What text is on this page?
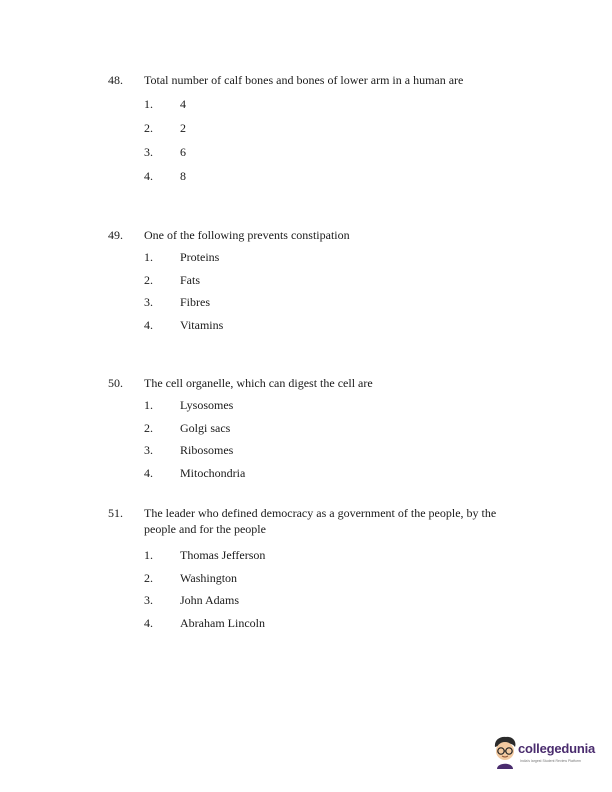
48. Total number of calf bones and bones of lower arm in a human are
1. 4
2. 2
3. 6
4. 8
49. One of the following prevents constipation
1. Proteins
2. Fats
3. Fibres
4. Vitamins
50. The cell organelle, which can digest the cell are
1. Lysosomes
2. Golgi sacs
3. Ribosomes
4. Mitochondria
51. The leader who defined democracy as a government of the people, by the people and for the people
1. Thomas Jefferson
2. Washington
3. John Adams
4. Abraham Lincoln
collegedunia
India's largest Student Review Platform
